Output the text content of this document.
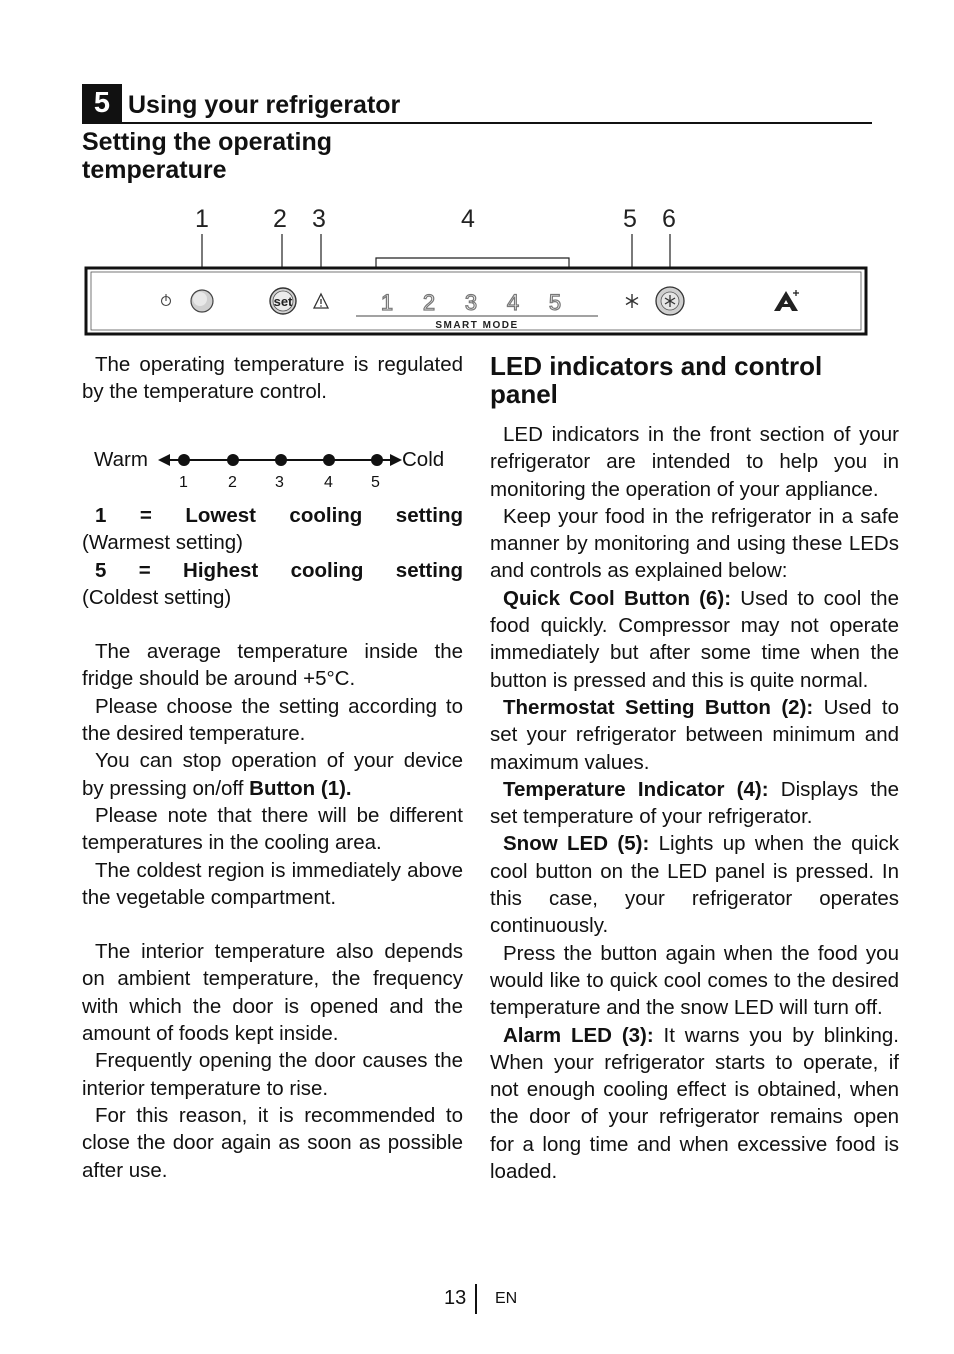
5 Using your refrigerator
Setting the operating temperature
1	2 3	4	5 6
set	1 2 3 4 5
SMART MODE

The operating temperature is regulated by the temperature control.

Warm	Cold
1	2 3	4 5

1 = Lowest cooling setting

(Warmest setting)

5 = Highest cooling setting

(Coldest setting)

The average temperature inside the fridge should be around +5°C.

Please choose the setting according to the desired temperature.

You can stop operation of your device by pressing on/off Button (1).

Please note that there will be different temperatures in the cooling area.

The coldest region is immediately above the vegetable compartment.

The interior temperature also depends on ambient temperature, the frequency with which the door is opened and the amount of foods kept inside.

Frequently opening the door causes the interior temperature to rise.

For this reason, it is recommended to close the door again as soon as possible after use.

LED indicators and control panel

LED indicators in the front section of your refrigerator are intended to help you in monitoring the operation of your appliance.

Keep your food in the refrigerator in a safe manner by monitoring and using these LEDs and controls as explained below:

Quick Cool Button (6): Used to cool the food quickly. Compressor may not operate immediately but after some time when the button is pressed and this is quite normal.

Thermostat Setting Button (2): Used to set your refrigerator between minimum and maximum values.

Temperature Indicator (4): Displays the set temperature of your refrigerator.

Snow LED (5): Lights up when the quick cool button on the LED panel is pressed. In this case, your refrigerator operates continuously.

Press the button again when the food you would like to quick cool comes to the desired temperature and the snow LED will turn off.

Alarm LED (3): It warns you by blinking. When your refrigerator starts to operate, if not enough cooling effect is obtained, when the door of your refrigerator remains open for a long time and when excessive food is loaded.

13 EN
